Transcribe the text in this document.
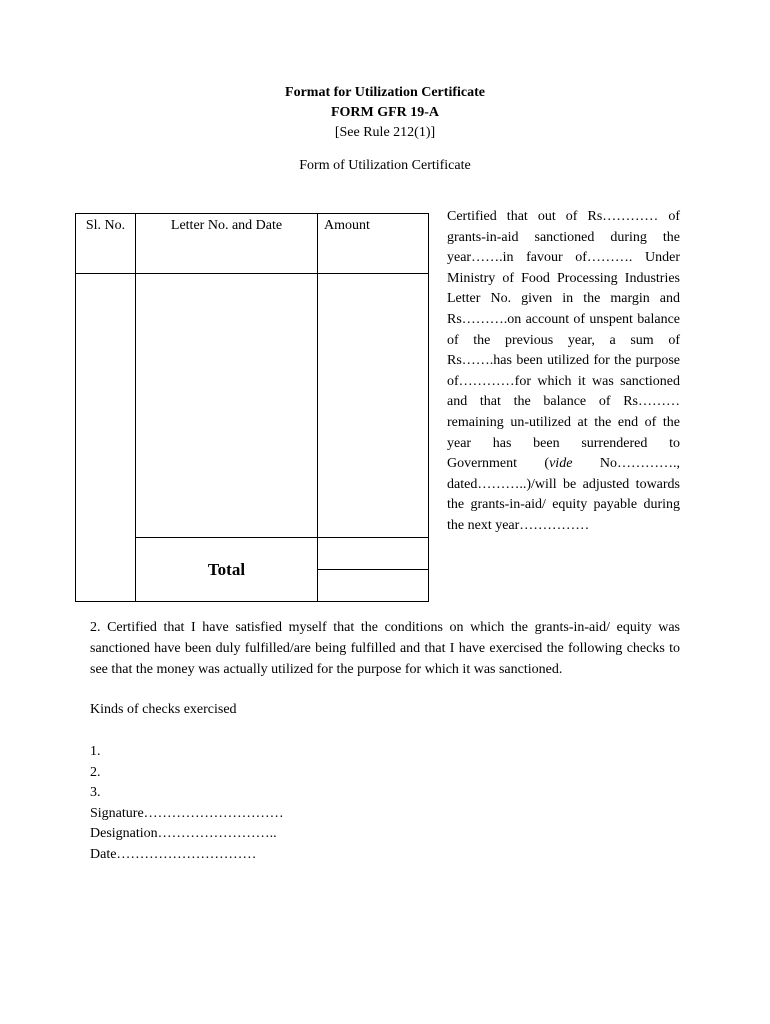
Format for Utilization Certificate
FORM GFR 19-A
[See Rule 212(1)]
Form of Utilization Certificate
Sl. No.	Letter No. and Date	Amount

	Total	

Certified that out of Rs………… of grants-in-aid sanctioned during the year…….in favour of………. Under Ministry of Food Processing Industries Letter No. given in the margin and Rs……….on account of unspent balance of the previous year, a sum of Rs…….has been utilized for the purpose of…………for which it was sanctioned and that the balance of Rs……… remaining un-utilized at the end of the year has been surrendered to Government (vide No…………., dated………..)/will be adjusted towards the grants-in-aid/ equity payable during the next year……………
2. Certified that I have satisfied myself that the conditions on which the grants-in-aid/ equity was sanctioned have been duly fulfilled/are being fulfilled and that I have exercised the following checks to see that the money was actually utilized for the purpose for which it was sanctioned.
Kinds of checks exercised
1.
2.
3.
Signature…………………………
Designation……………………..
Date…………………………
